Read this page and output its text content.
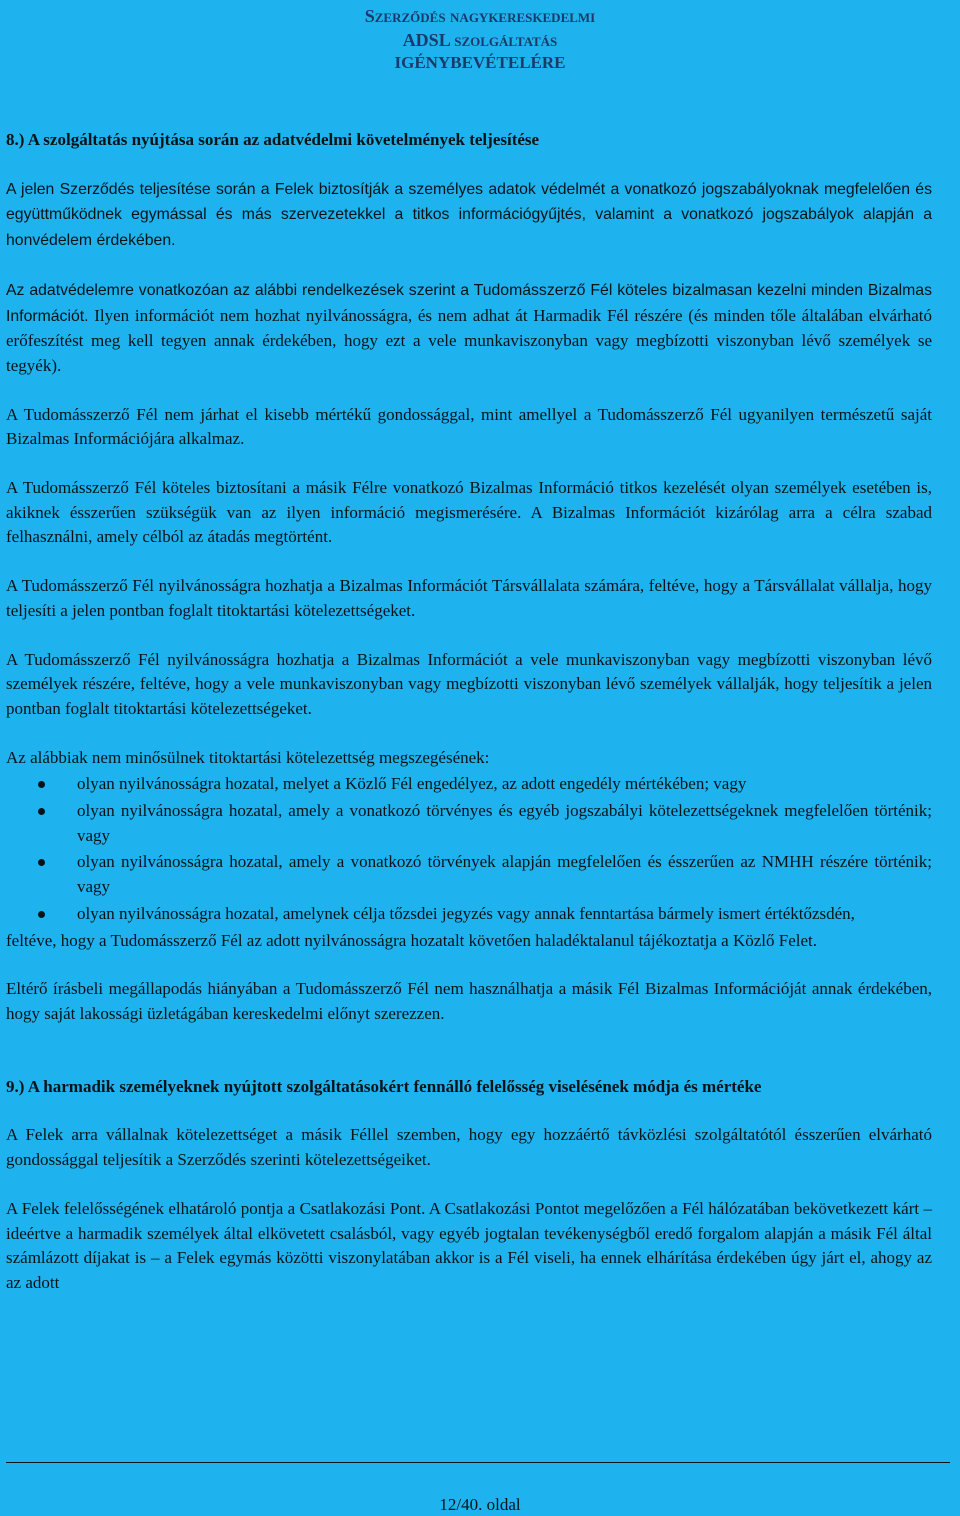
Szerződés nagykereskedelmi
ADSL szolgáltatás
IGÉNYBEVÉTELÉRE
8.) A szolgáltatás nyújtása során az adatvédelmi követelmények teljesítése

A jelen Szerződés teljesítése során a Felek biztosítják a személyes adatok védelmét a vonatkozó jogszabályoknak megfelelően és együttműködnek egymással és más szervezetekkel a titkos információgyűjtés, valamint a vonatkozó jogszabályok alapján a honvédelem érdekében.

Az adatvédelemre vonatkozóan az alábbi rendelkezések szerint a Tudomásszerző Fél köteles bizalmasan kezelni minden Bizalmas Információt. Ilyen információt nem hozhat nyilvánosságra, és nem adhat át Harmadik Fél részére (és minden tőle általában elvárható erőfeszítést meg kell tegyen annak érdekében, hogy ezt a vele munkaviszonyban vagy megbízotti viszonyban lévő személyek se tegyék).

A Tudomásszerző Fél nem járhat el kisebb mértékű gondossággal, mint amellyel a Tudomásszerző Fél ugyanilyen természetű saját Bizalmas Információjára alkalmaz.

A Tudomásszerző Fél köteles biztosítani a másik Félre vonatkozó Bizalmas Információ titkos kezelését olyan személyek esetében is, akiknek ésszerűen szükségük van az ilyen információ megismerésére. A Bizalmas Információt kizárólag arra a célra szabad felhasználni, amely célból az átadás megtörtént.

A Tudomásszerző Fél nyilvánosságra hozhatja a Bizalmas Információt Társvállalata számára, feltéve, hogy a Társvállalat vállalja, hogy teljesíti a jelen pontban foglalt titoktartási kötelezettségeket.

A Tudomásszerző Fél nyilvánosságra hozhatja a Bizalmas Információt a vele munkaviszonyban vagy megbízotti viszonyban lévő személyek részére, feltéve, hogy a vele munkaviszonyban vagy megbízotti viszonyban lévő személyek vállalják, hogy teljesítik a jelen pontban foglalt titoktartási kötelezettségeket.

Az alábbiak nem minősülnek titoktartási kötelezettség megszegésének:
olyan nyilvánosságra hozatal, melyet a Közlő Fél engedélyez, az adott engedély mértékében; vagy
olyan nyilvánosságra hozatal, amely a vonatkozó törvényes és egyéb jogszabályi kötelezettségeknek megfelelően történik; vagy
olyan nyilvánosságra hozatal, amely a vonatkozó törvények alapján megfelelően és ésszerűen az NMHH részére történik; vagy
olyan nyilvánosságra hozatal, amelynek célja tőzsdei jegyzés vagy annak fenntartása bármely ismert értéktőzsdén,
feltéve, hogy a Tudomásszerző Fél az adott nyilvánosságra hozatalt követően haladéktalanul tájékoztatja a Közlő Felet.

Eltérő írásbeli megállapodás hiányában a Tudomásszerző Fél nem használhatja a másik Fél Bizalmas Információját annak érdekében, hogy saját lakossági üzletágában kereskedelmi előnyt szerezzen.

9.) A harmadik személyeknek nyújtott szolgáltatásokért fennálló felelősség viselésének módja és mértéke

A Felek arra vállalnak kötelezettséget a másik Féllel szemben, hogy egy hozzáértő távközlési szolgáltatótól ésszerűen elvárható gondossággal teljesítik a Szerződés szerinti kötelezettségeiket.

A Felek felelősségének elhatároló pontja a Csatlakozási Pont. A Csatlakozási Pontot megelőzően a Fél hálózatában bekövetkezett kárt – ideértve a harmadik személyek által elkövetett csalásból, vagy egyéb jogtalan tevékenységből eredő forgalom alapján a másik Fél által számlázott díjakat is – a Felek egymás közötti viszonylatában akkor is a Fél viseli, ha ennek elhárítása érdekében úgy járt el, ahogy az az adott

12/40. oldal
